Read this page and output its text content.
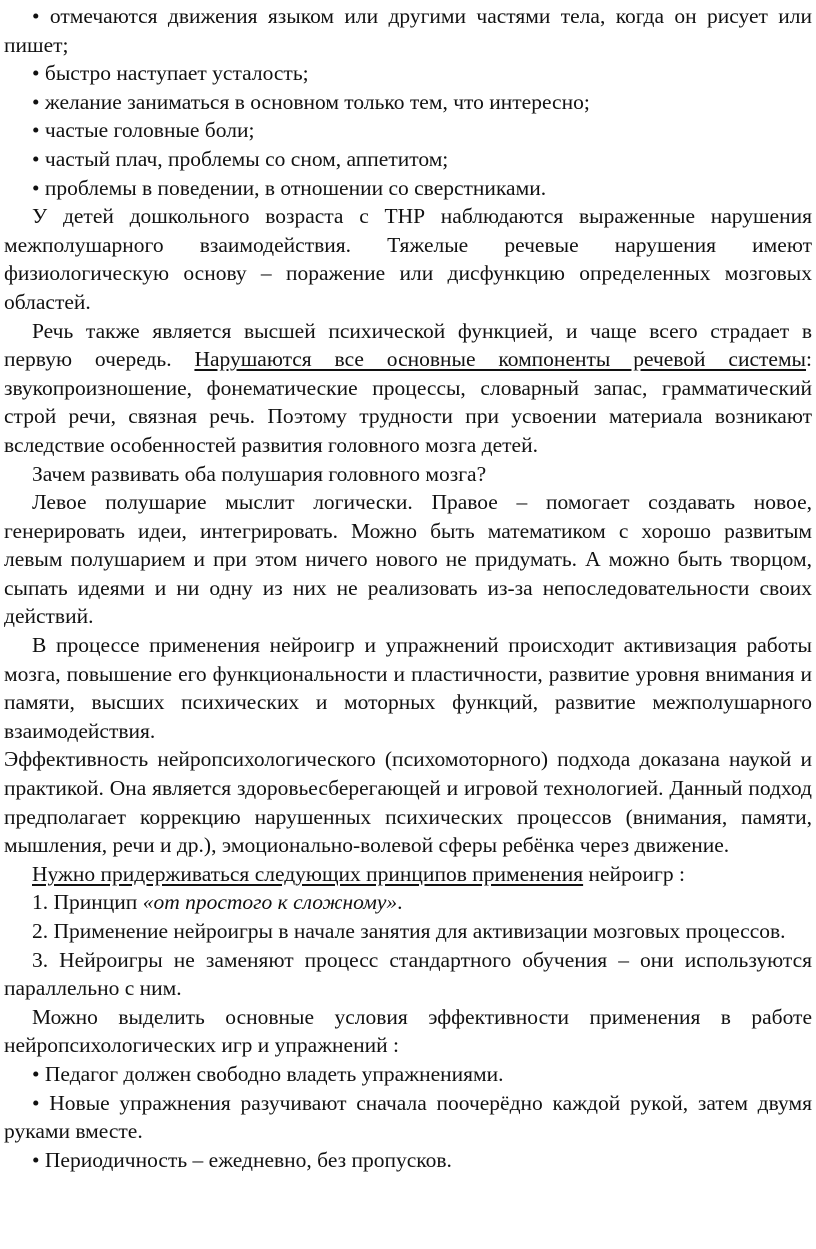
• отмечаются движения языком или другими частями тела, когда он рисует или пишет;

• быстро наступает усталость;

• желание заниматься в основном только тем, что интересно;

• частые головные боли;

• частый плач, проблемы со сном, аппетитом;

• проблемы в поведении, в отношении со сверстниками.

У детей дошкольного возраста с ТНР наблюдаются выраженные нарушения межполушарного взаимодействия. Тяжелые речевые нарушения имеют физиологическую основу – поражение или дисфункцию определенных мозговых областей.

Речь также является высшей психической функцией, и чаще всего страдает в первую очередь. Нарушаются все основные компоненты речевой системы: звукопроизношение, фонематические процессы, словарный запас, грамматический строй речи, связная речь. Поэтому трудности при усвоении материала возникают вследствие особенностей развития головного мозга детей.

Зачем развивать оба полушария головного мозга?

Левое полушарие мыслит логически. Правое – помогает создавать новое, генерировать идеи, интегрировать. Можно быть математиком с хорошо развитым левым полушарием и при этом ничего нового не придумать. А можно быть творцом, сыпать идеями и ни одну из них не реализовать из-за непоследовательности своих действий.

В процессе применения нейроигр и упражнений происходит активизация работы мозга, повышение его функциональности и пластичности, развитие уровня внимания и памяти, высших психических и моторных функций, развитие межполушарного взаимодействия.

Эффективность нейропсихологического (психомоторного) подхода доказана наукой и практикой. Она является здоровьесберегающей и игровой технологией. Данный подход предполагает коррекцию нарушенных психических процессов (внимания, памяти, мышления, речи и др.), эмоционально-волевой сферы ребёнка через движение.

Нужно придерживаться следующих принципов применения нейроигр :

1. Принцип «от простого к сложному».

2. Применение нейроигры в начале занятия для активизации мозговых процессов.

3. Нейроигры не заменяют процесс стандартного обучения – они используются параллельно с ним.

Можно выделить основные условия эффективности применения в работе нейропсихологических игр и упражнений :

• Педагог должен свободно владеть упражнениями.

• Новые упражнения разучивают сначала поочерёдно каждой рукой, затем двумя руками вместе.

• Периодичность – ежедневно, без пропусков.
